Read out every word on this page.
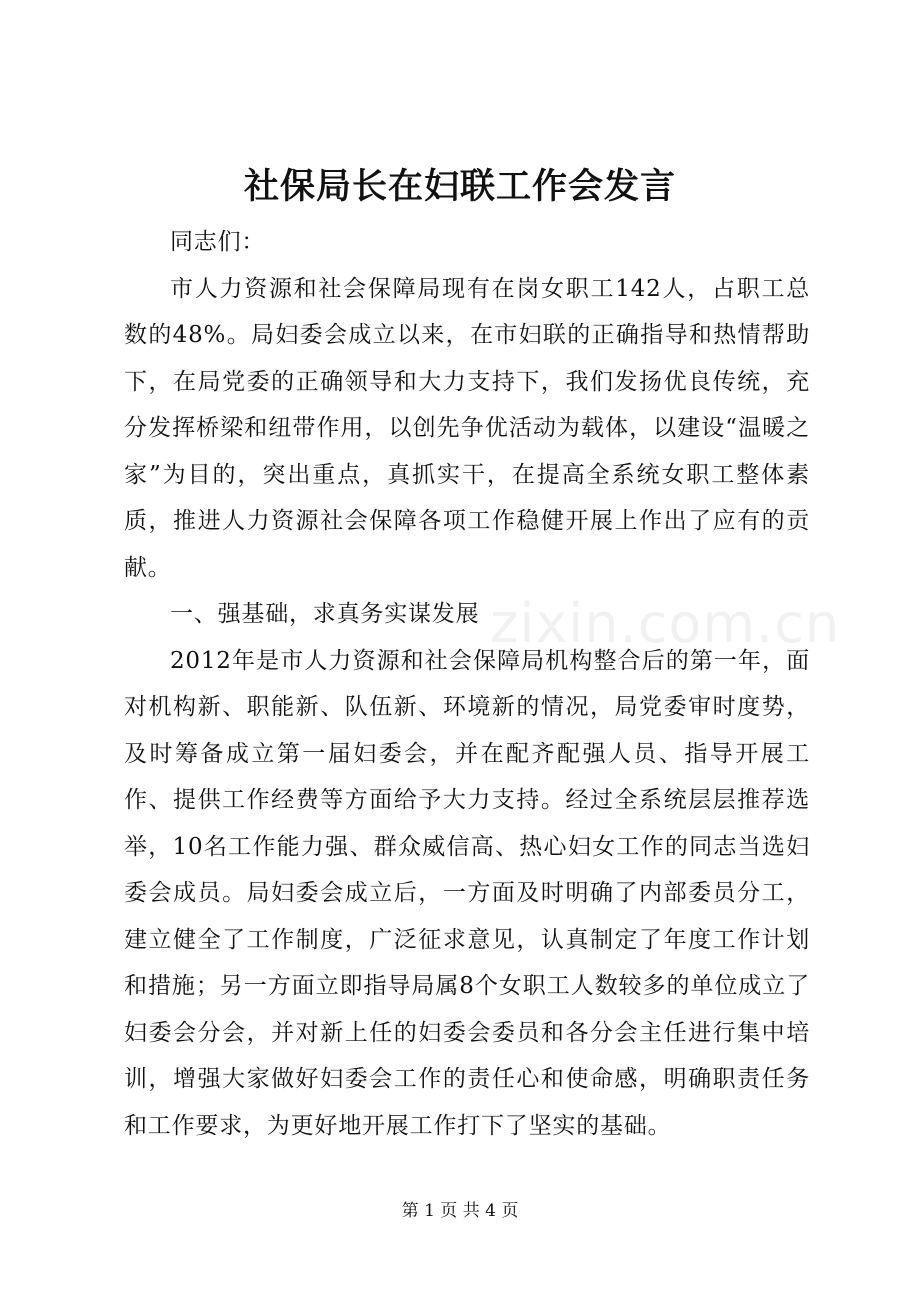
社保局长在妇联工作会发言

同志们：

市人力资源和社会保障局现有在岗女职工142人，占职工总数的48%。局妇委会成立以来，在市妇联的正确指导和热情帮助下，在局党委的正确领导和大力支持下，我们发扬优良传统，充分发挥桥梁和纽带作用，以创先争优活动为载体，以建设“温暖之家”为目的，突出重点，真抓实干，在提高全系统女职工整体素质，推进人力资源社会保障各项工作稳健开展上作出了应有的贡献。

一、强基础，求真务实谋发展

2012年是市人力资源和社会保障局机构整合后的第一年，面对机构新、职能新、队伍新、环境新的情况，局党委审时度势，及时筹备成立第一届妇委会，并在配齐配强人员、指导开展工作、提供工作经费等方面给予大力支持。经过全系统层层推荐选举，10名工作能力强、群众威信高、热心妇女工作的同志当选妇委会成员。局妇委会成立后，一方面及时明确了内部委员分工，建立健全了工作制度，广泛征求意见，认真制定了年度工作计划和措施；另一方面立即指导局属8个女职工人数较多的单位成立了妇委会分会，并对新上任的妇委会委员和各分会主任进行集中培训，增强大家做好妇委会工作的责任心和使命感，明确职责任务和工作要求，为更好地开展工作打下了坚实的基础。

zixin.com.cn
第 1 页 共 4 页
